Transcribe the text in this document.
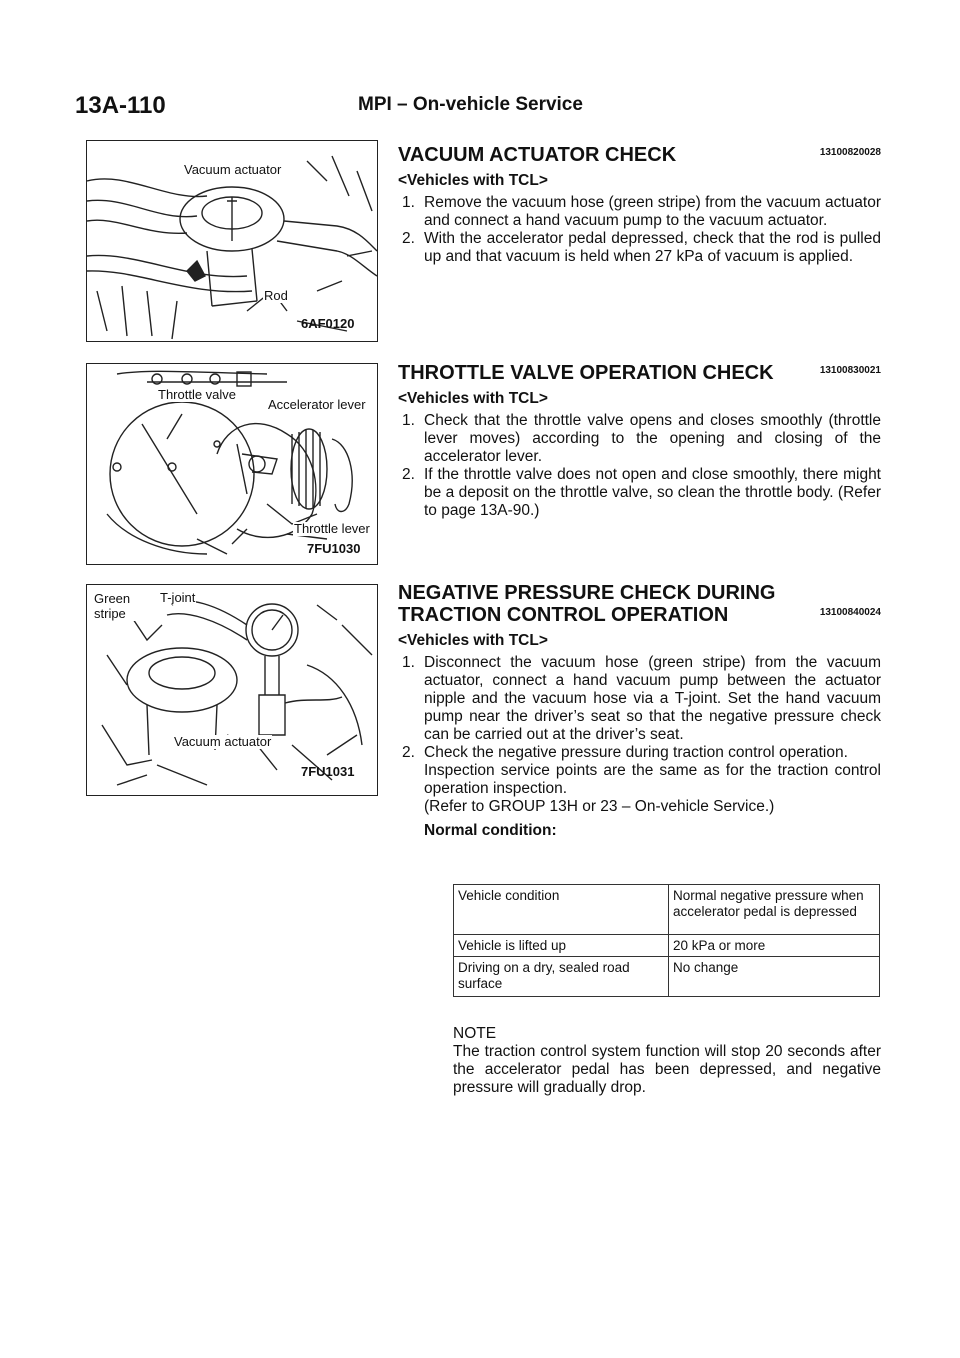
13A-110	MPI – On-vehicle Service
Vacuum actuator
Rod
6AF0120
Throttle valve
Accelerator lever
Throttle lever
7FU1030
Green stripe
T-joint
Vacuum actuator
7FU1031
VACUUM ACTUATOR CHECK	13100820028
<Vehicles with TCL>
1. Remove the vacuum hose (green stripe) from the vacuum actuator and connect a hand vacuum pump to the vacuum actuator.
2. With the accelerator pedal depressed, check that the rod is pulled up and that vacuum is held when 27 kPa of vacuum is applied.
THROTTLE VALVE OPERATION CHECK	13100830021
<Vehicles with TCL>
1. Check that the throttle valve opens and closes smoothly (throttle lever moves) according to the opening and closing of the accelerator lever.
2. If the throttle valve does not open and close smoothly, there might be a deposit on the throttle valve, so clean the throttle body. (Refer to page 13A-90.)
NEGATIVE PRESSURE CHECK DURING
TRACTION CONTROL OPERATION	13100840024
<Vehicles with TCL>
1. Disconnect the vacuum hose (green stripe) from the vacuum actuator, connect a hand vacuum pump between the actuator nipple and the vacuum hose via a T-joint. Set the hand vacuum pump near the driver’s seat so that the negative pressure check can be carried out at the driver’s seat.
2. Check the negative pressure during traction control operation.
Inspection service points are the same as for the traction control operation inspection.
(Refer to GROUP 13H or 23 – On-vehicle Service.)
Normal condition:
Vehicle condition	Normal negative pressure when accelerator pedal is depressed
Vehicle is lifted up	20 kPa or more
Driving on a dry, sealed road surface	No change
NOTE
The traction control system function will stop 20 seconds after the accelerator pedal has been depressed, and negative pressure will gradually drop.
